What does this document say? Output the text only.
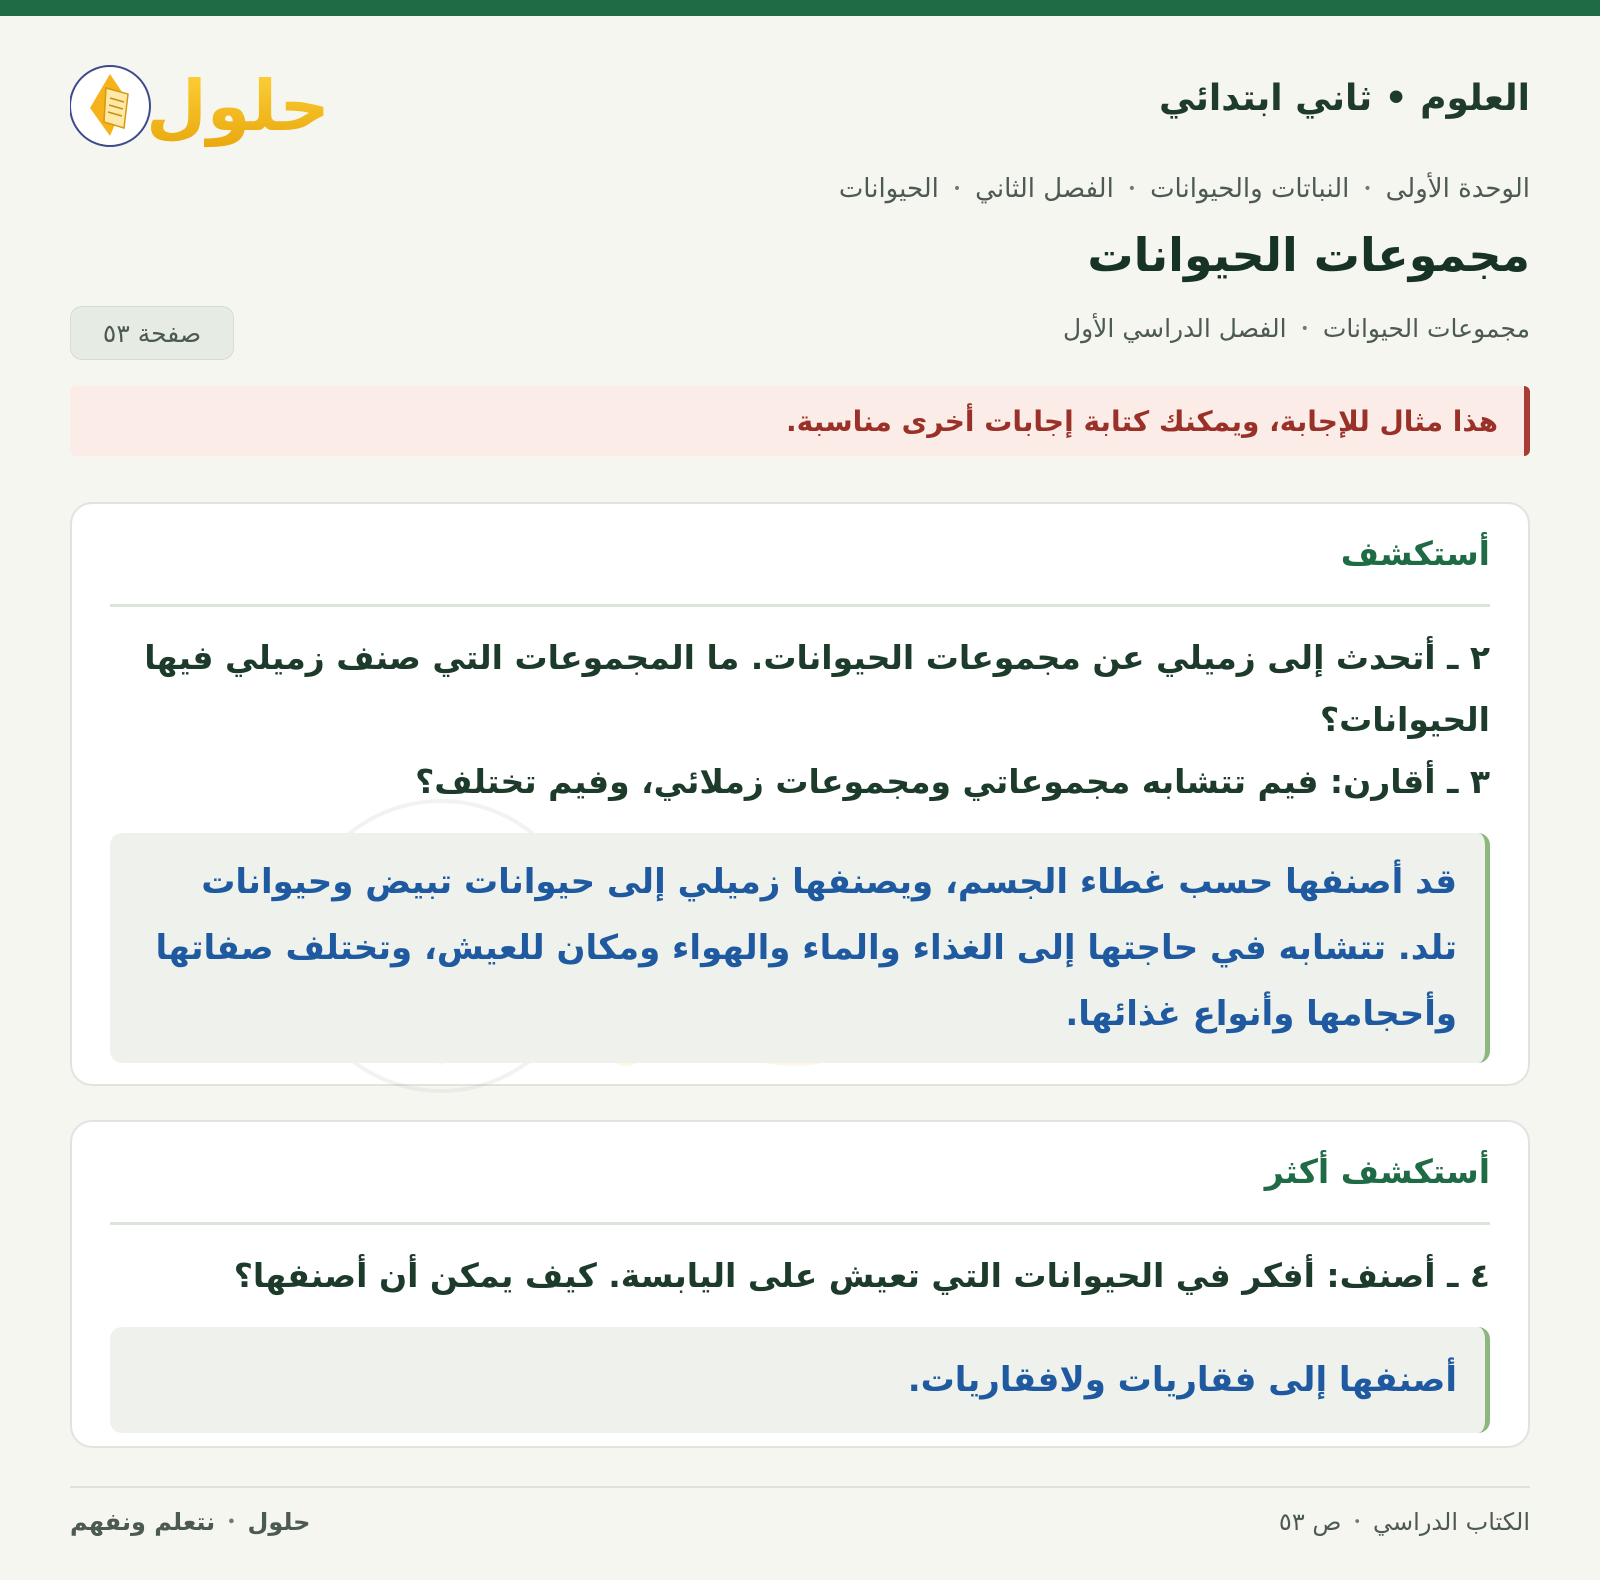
العلوم • ثاني ابتدائي
حلول
الوحدة الأولى
•
النباتات والحيوانات
•
الفصل الثاني
•
الحيوانات
مجموعات الحيوانات
مجموعات الحيوانات
•
الفصل الدراسي الأول
صفحة ٥٣
هذا مثال للإجابة، ويمكنك كتابة إجابات أخرى مناسبة.
أستكشف

٢ ـ أتحدث إلى زميلي عن مجموعات الحيوانات. ما المجموعات التي صنف زميلي فيها الحيوانات؟

٣ ـ أقارن: فيم تتشابه مجموعاتي ومجموعات زملائي، وفيم تختلف؟

قد أصنفها حسب غطاء الجسم، ويصنفها زميلي إلى حيوانات تبيض وحيوانات تلد. تتشابه في حاجتها إلى الغذاء والماء والهواء ومكان للعيش، وتختلف صفاتها وأحجامها وأنواع غذائها.
أستكشف أكثر

٤ ـ أصنف: أفكر في الحيوانات التي تعيش على اليابسة. كيف يمكن أن أصنفها؟

أصنفها إلى فقاريات ولافقاريات.
الكتاب الدراسي
•
ص ٥٣
حلول
•
نتعلم ونفهم
